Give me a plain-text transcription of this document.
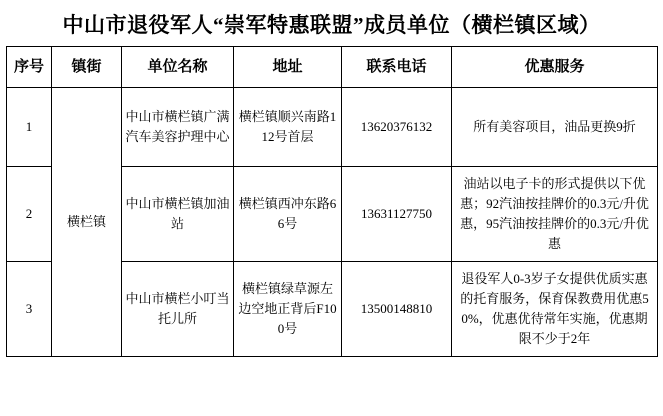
中山市退役军人“崇军特惠联盟”成员单位（横栏镇区域）
序号	镇街	单位名称	地址	联系电话	优惠服务
1	横栏镇	中山市横栏镇广满汽车美容护理中心	横栏镇顺兴南路112号首层	13620376132	所有美容项目，油品更换9折
2		中山市横栏镇加油站	横栏镇西冲东路66号	13631127750	油站以电子卡的形式提供以下优惠；92汽油按挂牌价的0.3元/升优惠，95汽油按挂牌价的0.3元/升优惠
3		中山市横栏小叮当托儿所	横栏镇绿草源左边空地正背后F100号	13500148810	退役军人0-3岁子女提供优质实惠的托育服务，保育保教费用优惠50%，优惠优待常年实施，优惠期限不少于2年
